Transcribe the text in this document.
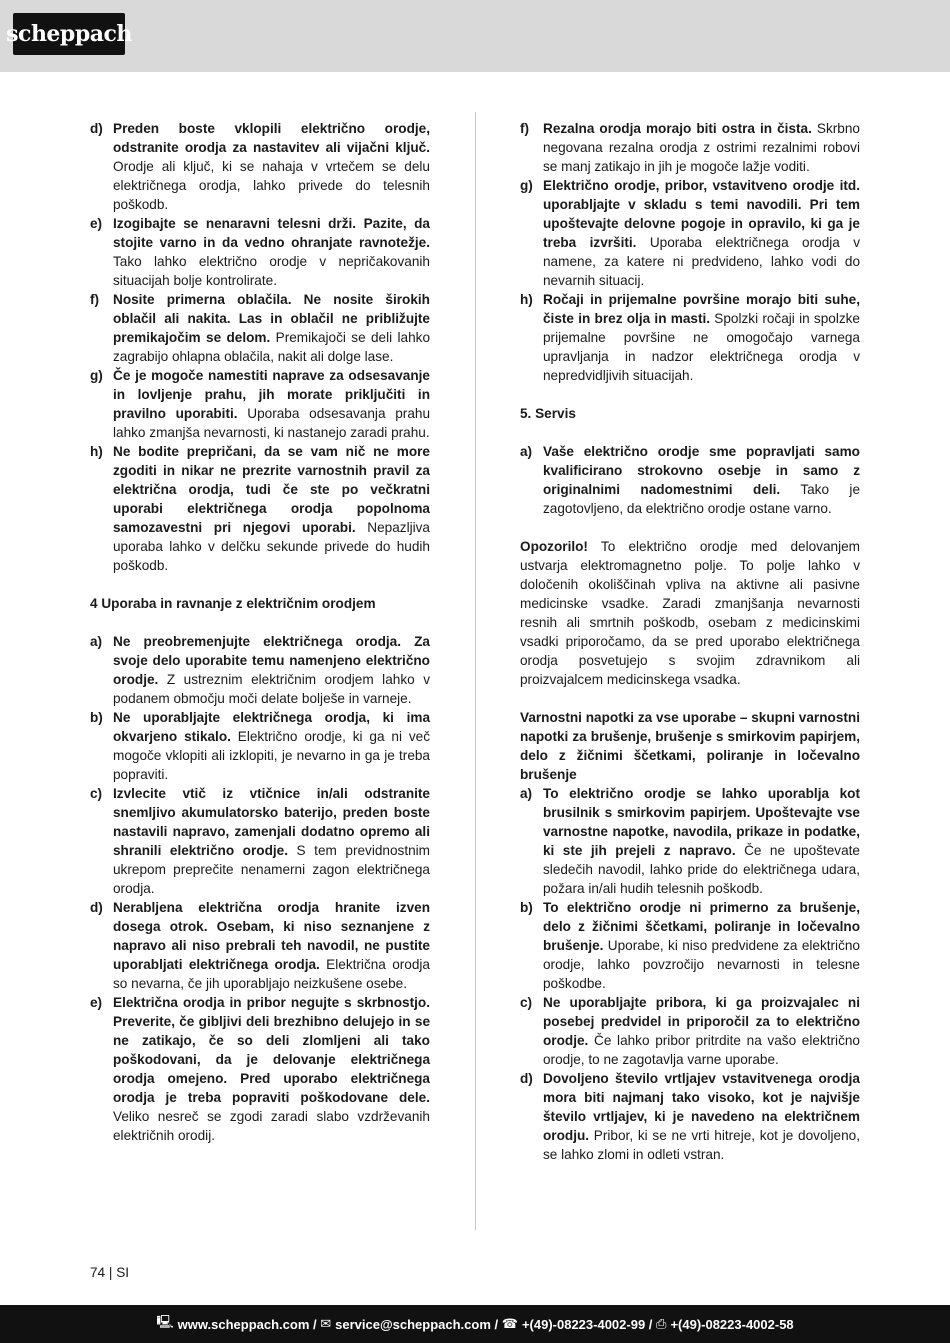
scheppach
d) Preden boste vklopili električno orodje, odstranite orodja za nastavitev ali vijačni ključ. Orodje ali ključ, ki se nahaja v vrtečem se delu električnega orodja, lahko privede do telesnih poškodb.
e) Izogibajte se nenaravni telesni drži. Pazite, da stojite varno in da vedno ohranjate ravnotežje. Tako lahko električno orodje v nepričakovanih situacijah bolje kontrolirate.
f)	Nosite primerna oblačila. Ne nosite širokih oblačil ali nakita. Las in oblačil ne približujte premikajočim se delom. Premikajoči se deli lahko zagrabijo ohlapna oblačila, nakit ali dolge lase.
g) Če je mogoče namestiti naprave za odsesavanje in lovljenje prahu, jih morate priključiti in pravilno uporabiti. Uporaba odsesavanja prahu lahko zmanjša nevarnosti, ki nastanejo zaradi prahu.
h) Ne bodite prepričani, da se vam nič ne more zgoditi in nikar ne prezrite varnostnih pravil za električna orodja, tudi če ste po večkratni uporabi električnega orodja popolnoma samozavestni pri njegovi uporabi. Nepazljiva uporaba lahko v delčku sekunde privede do hudih poškodb.
4 Uporaba in ravnanje z električnim orodjem
a) Ne preobremenjujte električnega orodja. Za svoje delo uporabite temu namenjeno električno orodje. Z ustreznim električnim orodjem lahko v podanem območju moči delate bolješe in varneje.
b) Ne uporabljajte električnega orodja, ki ima okvarjeno stikalo. Električno orodje, ki ga ni več mogoče vklopiti ali izklopiti, je nevarno in ga je treba popraviti.
c) Izvlecite vtič iz vtičnice in/ali odstranite snemljivo akumulatorsko baterijo, preden boste nastavili napravo, zamenjali dodatno opremo ali shranili električno orodje. S tem previdnostnim ukrepom preprečite nenamerni zagon električnega orodja.
d) Nerabljena električna orodja hranite izven dosega otrok. Osebam, ki niso seznanjene z napravo ali niso prebrali teh navodil, ne pustite uporabljati električnega orodja. Električna orodja so nevarna, če jih uporabljajo neizkušene osebe.
e) Električna orodja in pribor negujte s skrbnostjo. Preverite, če gibljivi deli brezhibno delujejo in se ne zatikajo, če so deli zlomljeni ali tako poškodovani, da je delovanje električnega orodja omejeno. Pred uporabo električnega orodja je treba popraviti poškodovane dele. Veliko nesreč se zgodi zaradi slabo vzdrževanih električnih orodij.
f)	Rezalna orodja morajo biti ostra in čista. Skrbno negovana rezalna orodja z ostrimi rezalnimi robovi se manj zatikajo in jih je mogoče lažje voditi.
g) Električno orodje, pribor, vstavitveno orodje itd. uporabljajte v skladu s temi navodili. Pri tem upoštevajte delovne pogoje in opravilo, ki ga je treba izvršiti. Uporaba električnega orodja v namene, za katere ni predvideno, lahko vodi do nevarnih situacij.
h) Ročaji in prijemalne površine morajo biti suhe, čiste in brez olja in masti. Spolzki ročaji in spolzke prijemalne površine ne omogočajo varnega upravljanja in nadzor električnega orodja v nepredvidljivih situacijah.
5. Servis
a) Vaše električno orodje sme popravljati samo kvalificirano strokovno osebje in samo z originalnimi nadomestnimi deli. Tako je zagotovljeno, da električno orodje ostane varno.
Opozorilo! To električno orodje med delovanjem ustvarja elektromagnetno polje. To polje lahko v določenih okoliščinah vpliva na aktivne ali pasivne medicinske vsadke. Zaradi zmanjšanja nevarnosti resnih ali smrtnih poškodb, osebam z medicinskimi vsadki priporočamo, da se pred uporabo električnega orodja posvetujejo s svojim zdravnikom ali proizvajalcem medicinskega vsadka.
Varnostni napotki za vse uporabe – skupni varnostni napotki za brušenje, brušenje s smirkovim papirjem, delo z žičnimi ščetkami, poliranje in ločevalno brušenje
a) To električno orodje se lahko uporablja kot brusilnik s smirkovim papirjem. Upoštevajte vse varnostne napotke, navodila, prikaze in podatke, ki ste jih prejeli z napravo. Če ne upoštevate sledečih navodil, lahko pride do električnega udara, požara in/ali hudih telesnih poškodb.
b) To električno orodje ni primerno za brušenje, delo z žičnimi ščetkami, poliranje in ločevalno brušenje. Uporabe, ki niso predvidene za električno orodje, lahko povzročijo nevarnosti in telesne poškodbe.
c) Ne uporabljajte pribora, ki ga proizvajalec ni posebej predvidel in priporočil za to električno orodje. Če lahko pribor pritrdite na vašo električno orodje, to ne zagotavlja varne uporabe.
d) Dovoljeno število vrtljajev vstavitvenega orodja mora biti najmanj tako visoko, kot je najvišje število vrtljajev, ki je navedeno na električnem orodju. Pribor, ki se ne vrti hitreje, kot je dovoljeno, se lahko zlomi in odleti vstran.
74 | SI
🖳 www.scheppach.com /
✉ service@scheppach.com /
☎ +(49)-08223-4002-99 /
⎙ +(49)-08223-4002-58
